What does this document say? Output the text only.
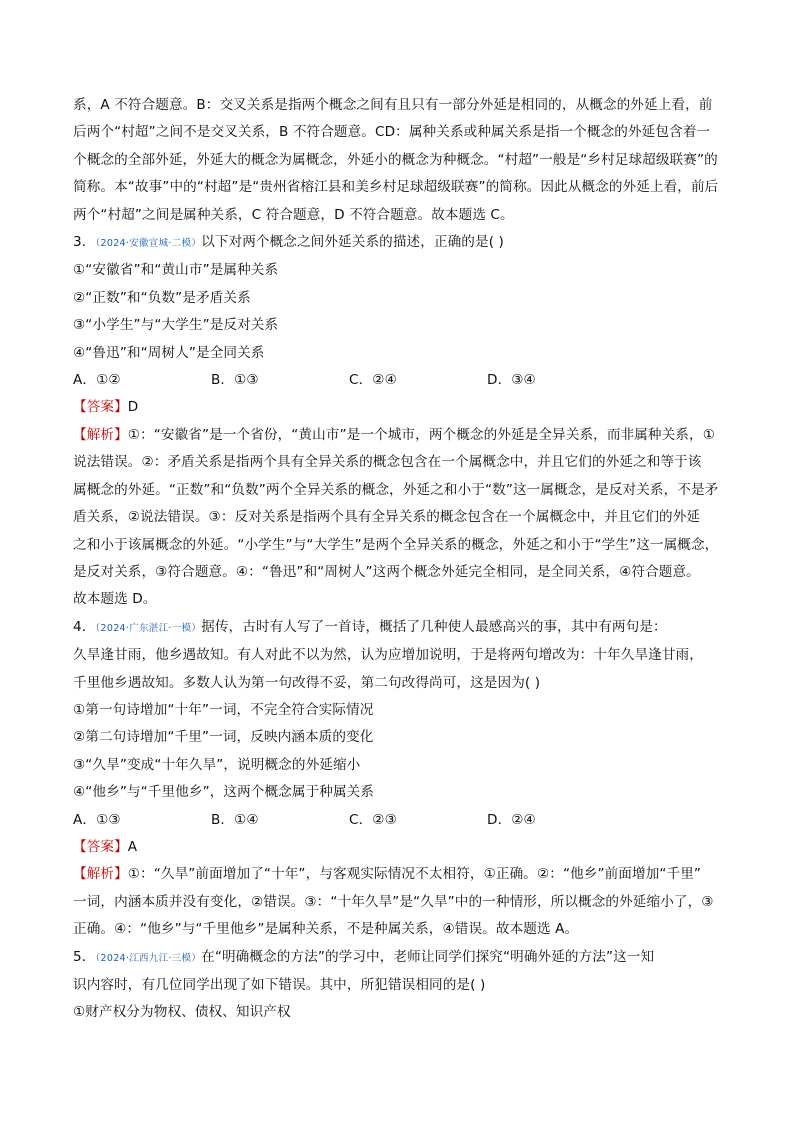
系，A 不符合题意。B：交叉关系是指两个概念之间有且只有一部分外延是相同的，从概念的外延上看，前
后两个“村超”之间不是交叉关系，B 不符合题意。CD：属种关系或种属关系是指一个概念的外延包含着一
个概念的全部外延，外延大的概念为属概念，外延小的概念为种概念。“村超”一般是“乡村足球超级联赛”的
简称。本“故事”中的“村超”是“贵州省榕江县和美乡村足球超级联赛”的简称。因此从概念的外延上看，前后
两个“村超”之间是属种关系，C 符合题意，D 不符合题意。故本题选 C。
3．（2024·安徽宣城·二模）以下对两个概念之间外延关系的描述，正确的是( )
①“安徽省”和“黄山市”是属种关系
②“正数”和“负数”是矛盾关系
③“小学生”与“大学生”是反对关系
④“鲁迅”和“周树人”是全同关系
A．①②	B．①③	C．②④	D．③④
【答案】D
【解析】①：“安徽省”是一个省份，“黄山市”是一个城市，两个概念的外延是全异关系，而非属种关系，①
说法错误。②：矛盾关系是指两个具有全异关系的概念包含在一个属概念中，并且它们的外延之和等于该
属概念的外延。“正数”和“负数”两个全异关系的概念，外延之和小于“数”这一属概念，是反对关系，不是矛
盾关系，②说法错误。③：反对关系是指两个具有全异关系的概念包含在一个属概念中，并且它们的外延
之和小于该属概念的外延。“小学生”与“大学生”是两个全异关系的概念，外延之和小于“学生”这一属概念，
是反对关系，③符合题意。④：“鲁迅”和“周树人”这两个概念外延完全相同，是全同关系，④符合题意。
故本题选 D。
4．（2024·广东湛江·一模）据传，古时有人写了一首诗，概括了几种使人最感高兴的事，其中有两句是：
久旱逢甘雨，他乡遇故知。有人对此不以为然，认为应增加说明，于是将两句增改为：十年久旱逢甘雨，
千里他乡遇故知。多数人认为第一句改得不妥，第二句改得尚可，这是因为( )
①第一句诗增加“十年”一词，不完全符合实际情况
②第二句诗增加“千里”一词，反映内涵本质的变化
③“久旱”变成“十年久旱”，说明概念的外延缩小
④“他乡”与“千里他乡”，这两个概念属于种属关系
A．①③	B．①④	C．②③	D．②④
【答案】A
【解析】①：“久旱”前面增加了“十年”，与客观实际情况不太相符，①正确。②：“他乡”前面增加“千里”
一词，内涵本质并没有变化，②错误。③：“十年久旱”是“久旱”中的一种情形，所以概念的外延缩小了，③
正确。④：“他乡”与“千里他乡”是属种关系，不是种属关系，④错误。故本题选 A。
5．（2024·江西九江·三模）在“明确概念的方法”的学习中，老师让同学们探究“明确外延的方法”这一知
识内容时，有几位同学出现了如下错误。其中，所犯错误相同的是( )
①财产权分为物权、债权、知识产权
